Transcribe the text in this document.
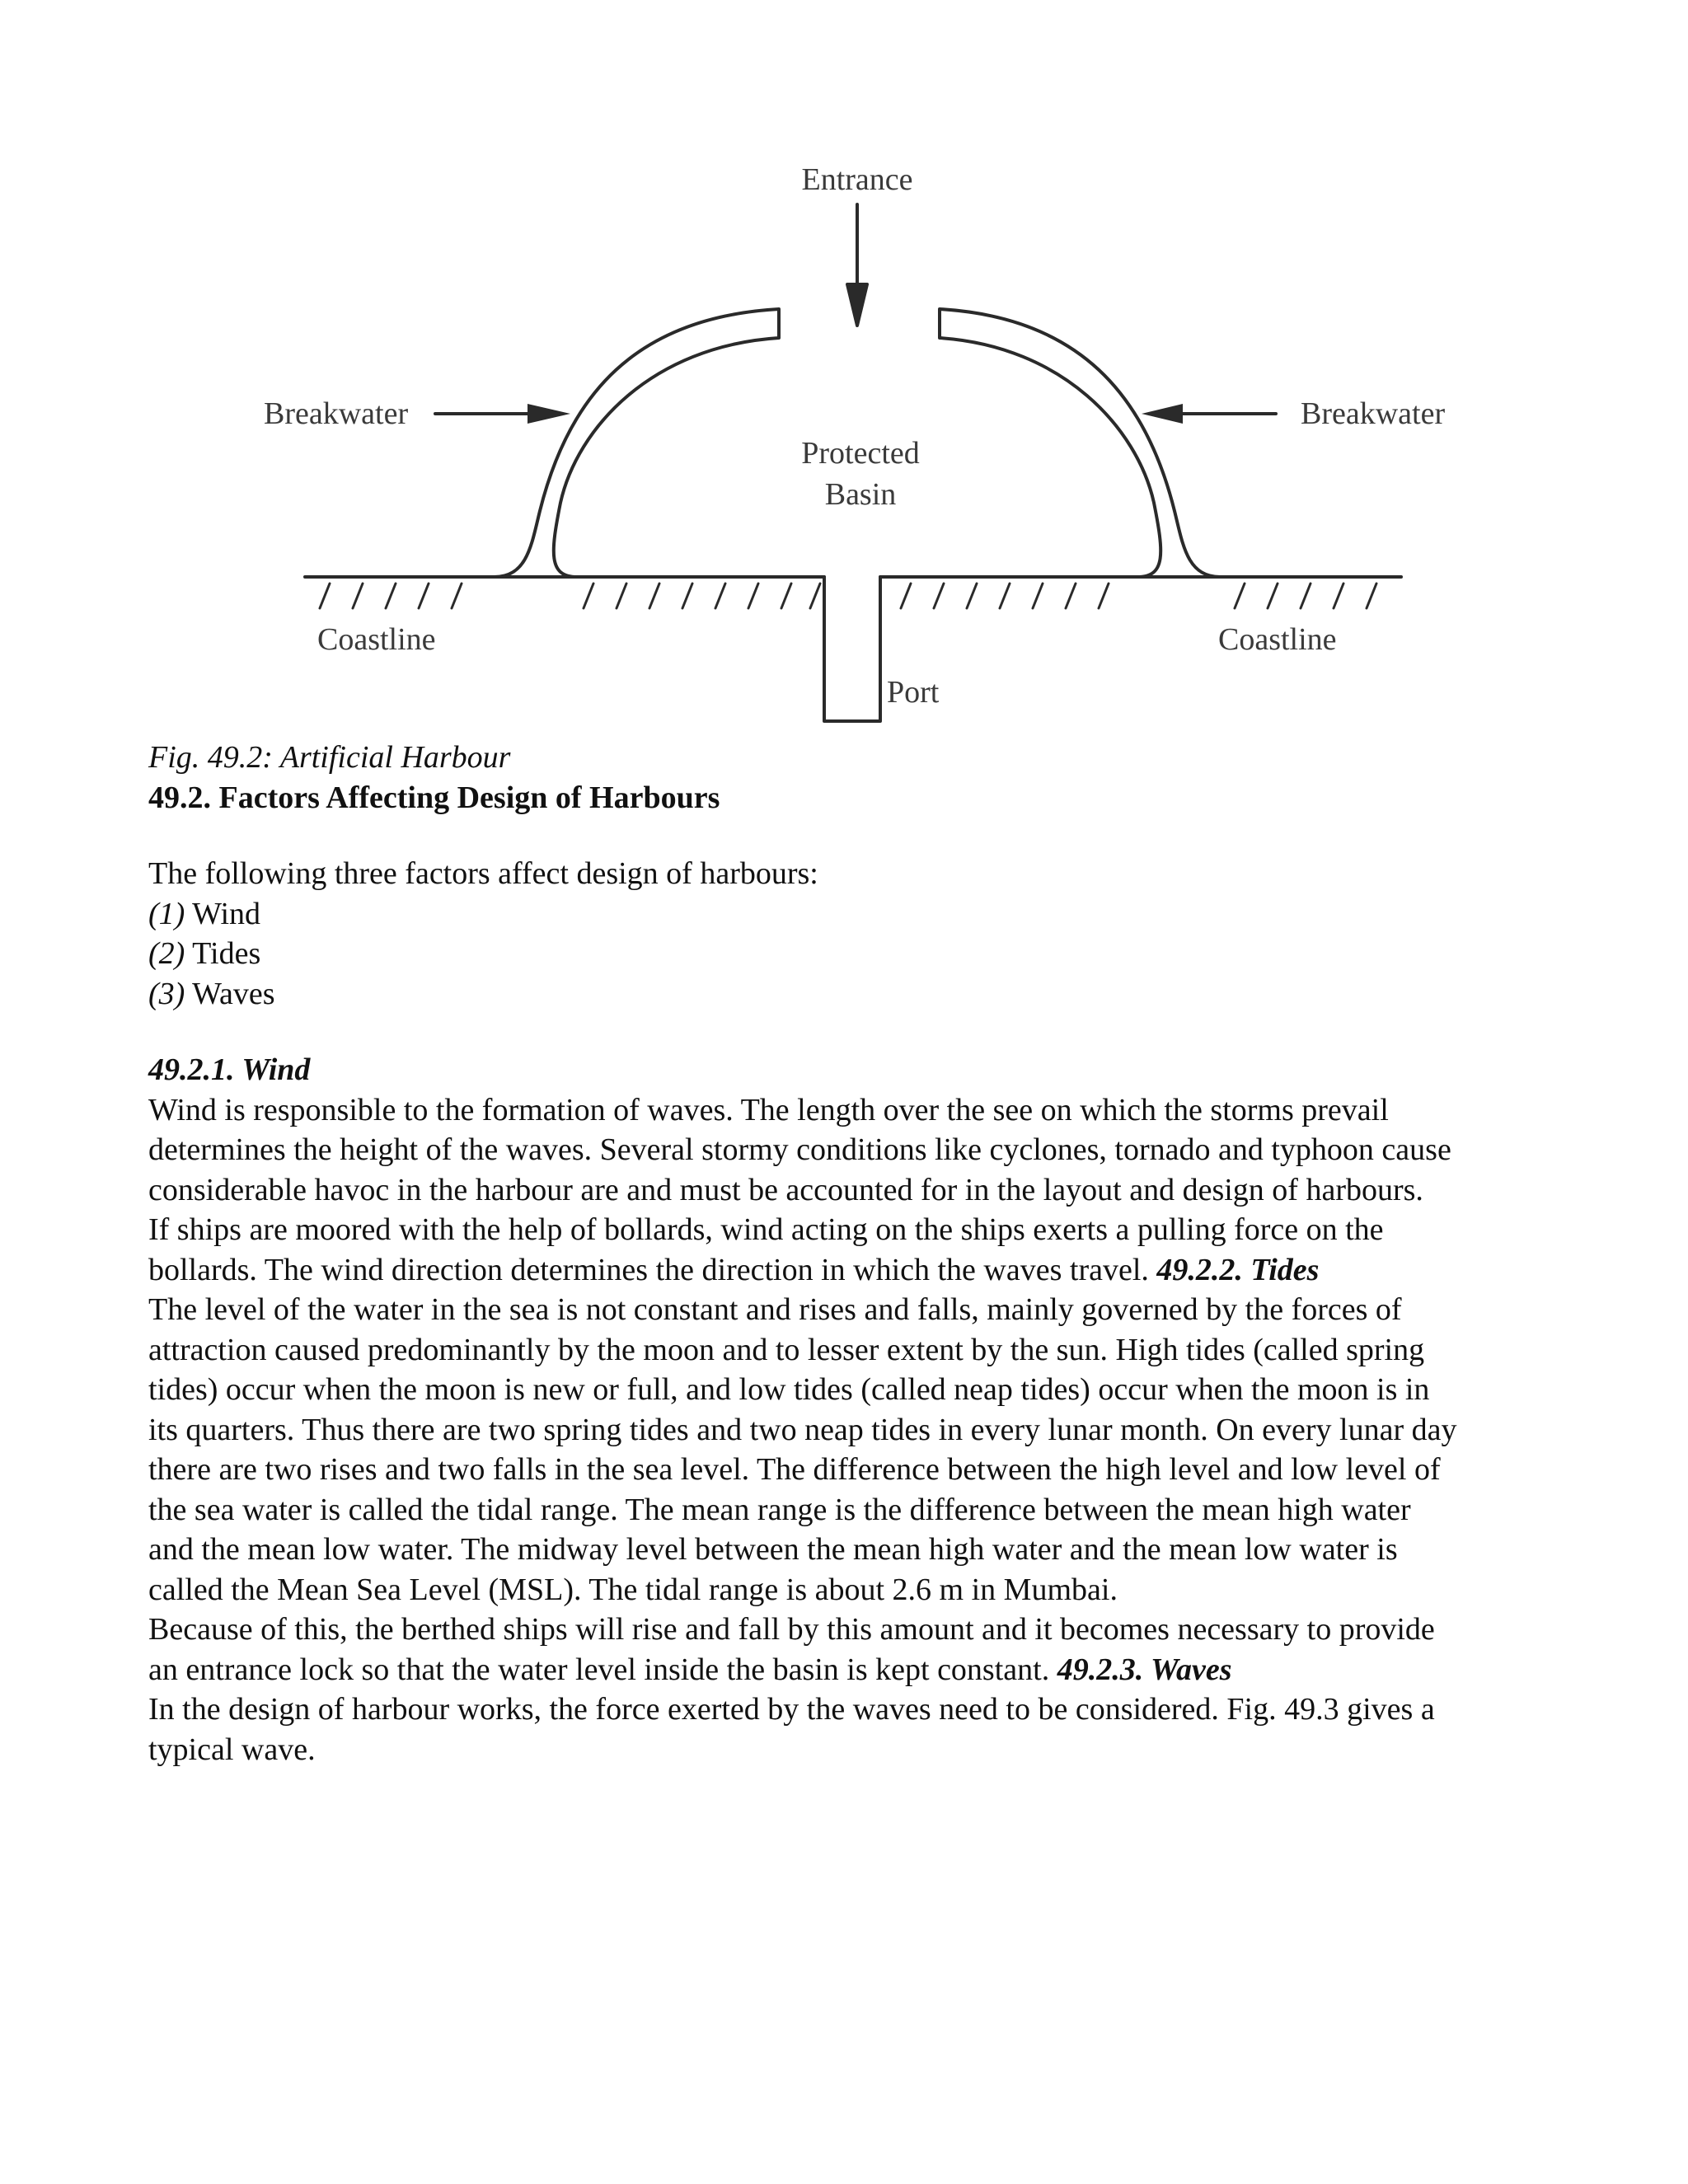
Entrance
Breakwater	Breakwater
Protected
Basin
Coastline	Coastline
Port

Fig. 49.2: Artificial Harbour

49.2. Factors Affecting Design of Harbours

The following three factors affect design of harbours:

(1) Wind

(2) Tides

(3) Waves

49.2.1. Wind

Wind is responsible to the formation of waves. The length over the see on which the storms prevail

determines the height of the waves. Several stormy conditions like cyclones, tornado and typhoon cause

considerable havoc in the harbour are and must be accounted for in the layout and design of harbours.

If ships are moored with the help of bollards, wind acting on the ships exerts a pulling force on the

bollards. The wind direction determines the direction in which the waves travel. 49.2.2. Tides

The level of the water in the sea is not constant and rises and falls, mainly governed by the forces of

attraction caused predominantly by the moon and to lesser extent by the sun. High tides (called spring

tides) occur when the moon is new or full, and low tides (called neap tides) occur when the moon is in

its quarters. Thus there are two spring tides and two neap tides in every lunar month. On every lunar day

there are two rises and two falls in the sea level. The difference between the high level and low level of

the sea water is called the tidal range. The mean range is the difference between the mean high water

and the mean low water. The midway level between the mean high water and the mean low water is

called the Mean Sea Level (MSL). The tidal range is about 2.6 m in Mumbai.

Because of this, the berthed ships will rise and fall by this amount and it becomes necessary to provide

an entrance lock so that the water level inside the basin is kept constant. 49.2.3. Waves

In the design of harbour works, the force exerted by the waves need to be considered. Fig. 49.3 gives a

typical wave.
